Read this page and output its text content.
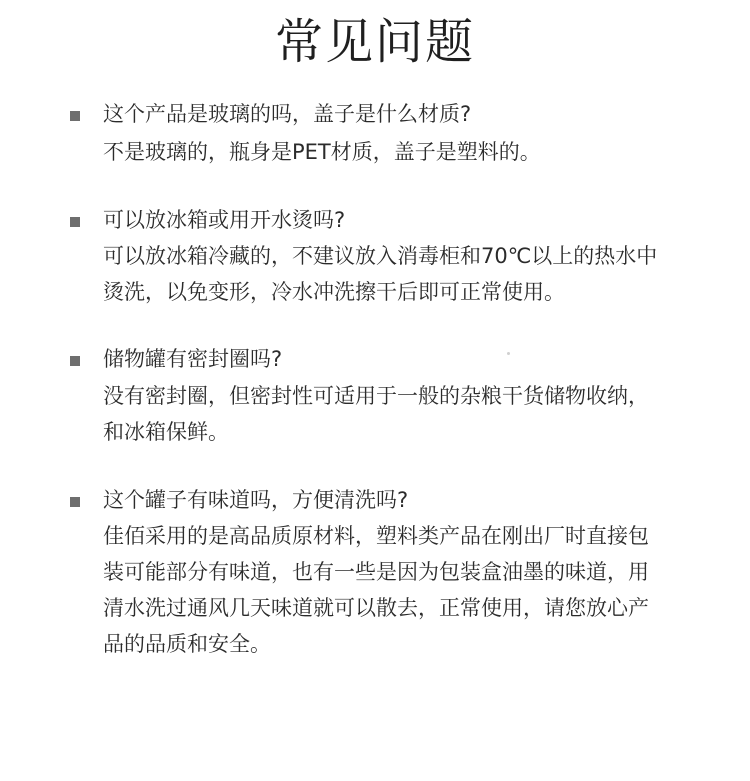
常见问题
这个产品是玻璃的吗，盖子是什么材质?
不是玻璃的，瓶身是PET材质，盖子是塑料的。
可以放冰箱或用开水烫吗?
可以放冰箱冷藏的，不建议放入消毒柜和70℃以上的热水中
烫洗，以免变形，冷水冲洗擦干后即可正常使用。
储物罐有密封圈吗?
没有密封圈，但密封性可适用于一般的杂粮干货储物收纳，
和冰箱保鲜。
这个罐子有味道吗，方便清洗吗?
佳佰采用的是高品质原材料，塑料类产品在刚出厂时直接包
装可能部分有味道，也有一些是因为包装盒油墨的味道，用
清水洗过通风几天味道就可以散去，正常使用，请您放心产
品的品质和安全。
